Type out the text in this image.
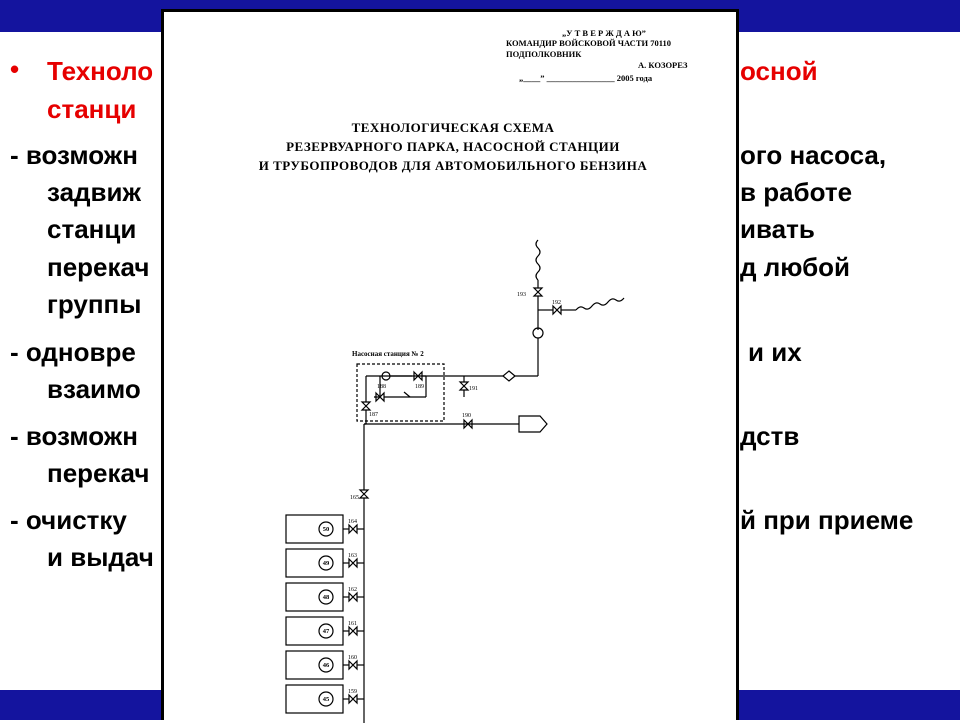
• Техноло	осной
станци
- возможн	ого насоса,
задвиж	в работе
станци	ивать
перекач	д любой
группы
- одновре	и их
взаимо
- возможн	дств
перекач
- очистку	й при приеме
и выдач
„У Т В Е Р Ж Д А Ю”
КОМАНДИР ВОЙСКОВОЙ ЧАСТИ 70110
ПОДПОЛКОВНИК
А. КОЗОРЕЗ
„____” ________________ 2005 года
ТЕХНОЛОГИЧЕСКАЯ СХЕМА
РЕЗЕРВУАРНОГО ПАРКА, НАСОСНОЙ СТАНЦИИ
И ТРУБОПРОВОДОВ ДЛЯ АВТОМОБИЛЬНОГО БЕНЗИНА
193
192
191
190
188	189
187
165
164
163
162
161
160
159
Насосная станция № 2
50
49
48
47
46
45
